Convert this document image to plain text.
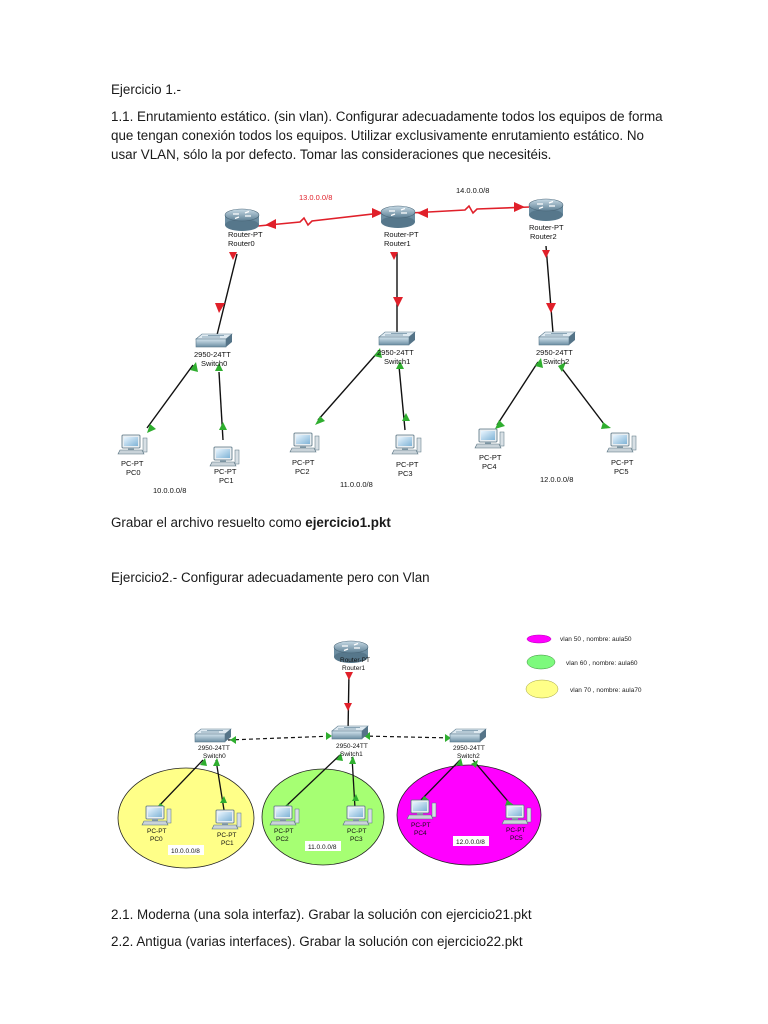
Ejercicio 1.-
1.1. Enrutamiento estático. (sin vlan). Configurar adecuadamente todos los equipos de forma que tengan conexión todos los equipos. Utilizar exclusivamente enrutamiento estático. No usar VLAN, sólo la por defecto. Tomar las consideraciones que necesitéis.
Grabar el archivo resuelto como ejercicio1.pkt
Ejercicio2.- Configurar adecuadamente pero con Vlan
2.1. Moderna (una sola interfaz). Grabar la solución con ejercicio21.pkt
2.2. Antigua (varias interfaces). Grabar la solución con ejercicio22.pkt
13.0.0.0/8
14.0.0.0/8
Router-PT
Router0
Router-PT
Router1
Router-PT
Router2
2950-24TT
Switch0
2950-24TT
Switch1
2950-24TT
Switch2
PC-PT
PC0	PC-PT
PC1
PC-PT
PC2
PC-PT
PC3
PC-PT
PC4	PC-PT
PC5
10.0.0.0/8
11.0.0.0/8
12.0.0.0/8
Router-PT
Router1
2950-24TT
Switch0
2950-24TT
Switch1
2950-24TT
Switch2
PC-PT
PC0
PC-PT
PC1
PC-PT
PC2
PC-PT
PC3
PC-PT
PC4	PC-PT
PC5
10.0.0.0/8
11.0.0.0/8
12.0.0.0/8
vlan 50 , nombre: aula50
vlan 60 , nombre: aula60
vlan 70 , nombre: aula70
